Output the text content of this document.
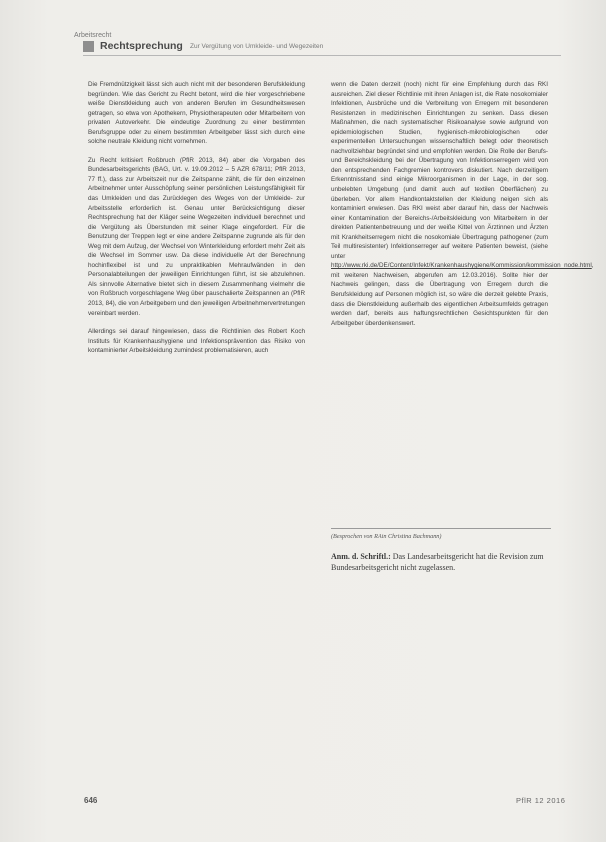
Arbeitsrecht
Rechtsprechung Zur Vergütung von Umkleide- und Wegezeiten

Die Fremdnützigkeit lässt sich auch nicht mit der besonderen Berufskleidung begründen. Wie das Gericht zu Recht betont, wird die hier vorgeschriebene weiße Dienstkleidung auch von anderen Berufen im Gesundheitswesen getragen, so etwa von Apothekern, Physiotherapeuten oder Mitarbeitern von privaten Autoverkehr. Die eindeutige Zuordnung zu einer bestimmten Berufsgruppe oder zu einem bestimmten Arbeitgeber lässt sich durch eine solche neutrale Kleidung nicht vornehmen.

Zu Recht kritisiert Roßbruch (PflR 2013, 84) aber die Vorgaben des Bundesarbeitsgerichts (BAG, Urt. v. 19.09.2012 – 5 AZR 678/11; PflR 2013, 77 ff.), dass zur Arbeitszeit nur die Zeitspanne zählt, die für den einzelnen Arbeitnehmer unter Ausschöpfung seiner persönlichen Leistungsfähigkeit für das Umkleiden und das Zurücklegen des Weges von der Umkleide- zur Arbeitsstelle erforderlich ist. Genau unter Berücksichtigung dieser Rechtsprechung hat der Kläger seine Wegezeiten individuell berechnet und die Vergütung als Überstunden mit seiner Klage eingefordert. Für die Benutzung der Treppen legt er eine andere Zeitspanne zugrunde als für den Weg mit dem Aufzug, der Wechsel von Winterkleidung erfordert mehr Zeit als die Wechsel im Sommer usw. Da diese individuelle Art der Berechnung hochinflexibel ist und zu unpraktikablen Mehraufwänden in den Personalabteilungen der jeweiligen Einrichtungen führt, ist sie abzulehnen. Als sinnvolle Alternative bietet sich in diesem Zusammenhang vielmehr die von Roßbruch vorgeschlagene Weg über pauschalierte Zeitspannen an (PflR 2013, 84), die von Arbeitgebern und den jeweiligen Arbeitnehmervertretungen vereinbart werden.

Allerdings sei darauf hingewiesen, dass die Richtlinien des Robert Koch Instituts für Krankenhaushygiene und Infektionsprävention das Risiko von kontaminierter Arbeitskleidung zumindest problematisieren, auch

wenn die Daten derzeit (noch) nicht für eine Empfehlung durch das RKI ausreichen. Ziel dieser Richtlinie mit ihren Anlagen ist, die Rate nosokomialer Infektionen, Ausbrüche und die Verbreitung von Erregern mit besonderen Resistenzen in medizinischen Einrichtungen zu senken. Dass diesen Maßnahmen, die nach systematischer Risikoanalyse sowie aufgrund von epidemiologischen Studien, hygienisch-mikrobiologischen oder experimentellen Untersuchungen wissenschaftlich belegt oder theoretisch nachvollziehbar begründet sind und empfohlen werden. Die Rolle der Berufs- und Bereichskleidung bei der Übertragung von Infektionserregern wird von den entsprechenden Fachgremien kontrovers diskutiert. Nach derzeitigem Erkenntnisstand sind einige Mikroorganismen in der Lage, in der sog. unbelebten Umgebung (und damit auch auf textilen Oberflächen) zu überleben. Vor allem Handkontaktstellen der Kleidung neigen sich als kontaminiert erwiesen. Das RKI weist aber darauf hin, dass der Nachweis einer Kontamination der Bereichs-/Arbeitskleidung von Mitarbeitern in der direkten Patientenbetreuung und der weiße Kittel von Ärztinnen und Ärzten mit Krankheitserregern nicht die nosokomiale Übertragung pathogener (zum Teil multiresistenter) Infektionserreger auf weitere Patienten beweist, (siehe unter http://www.rki.de/DE/Content/Infekt/Krankenhaushygiene/Kommission/kommission_node.html, mit weiteren Nachweisen, abgerufen am 12.03.2016). Sollte hier der Nachweis gelingen, dass die Übertragung von Erregern durch die Berufskleidung auf Personen möglich ist, so wäre die derzeit gelebte Praxis, dass die Dienstkleidung außerhalb des eigentlichen Arbeitsumfelds getragen werden darf, bereits aus haftungsrechtlichen Gesichtspunkten für den Arbeitgeber überdenkenswert.

(Besprochen von RAin Christina Bachmann)
Anm. d. Schriftl.: Das Landesarbeitsgericht hat die Revision zum Bundesarbeitsgericht nicht zugelassen.
646	PflR 12 2016
